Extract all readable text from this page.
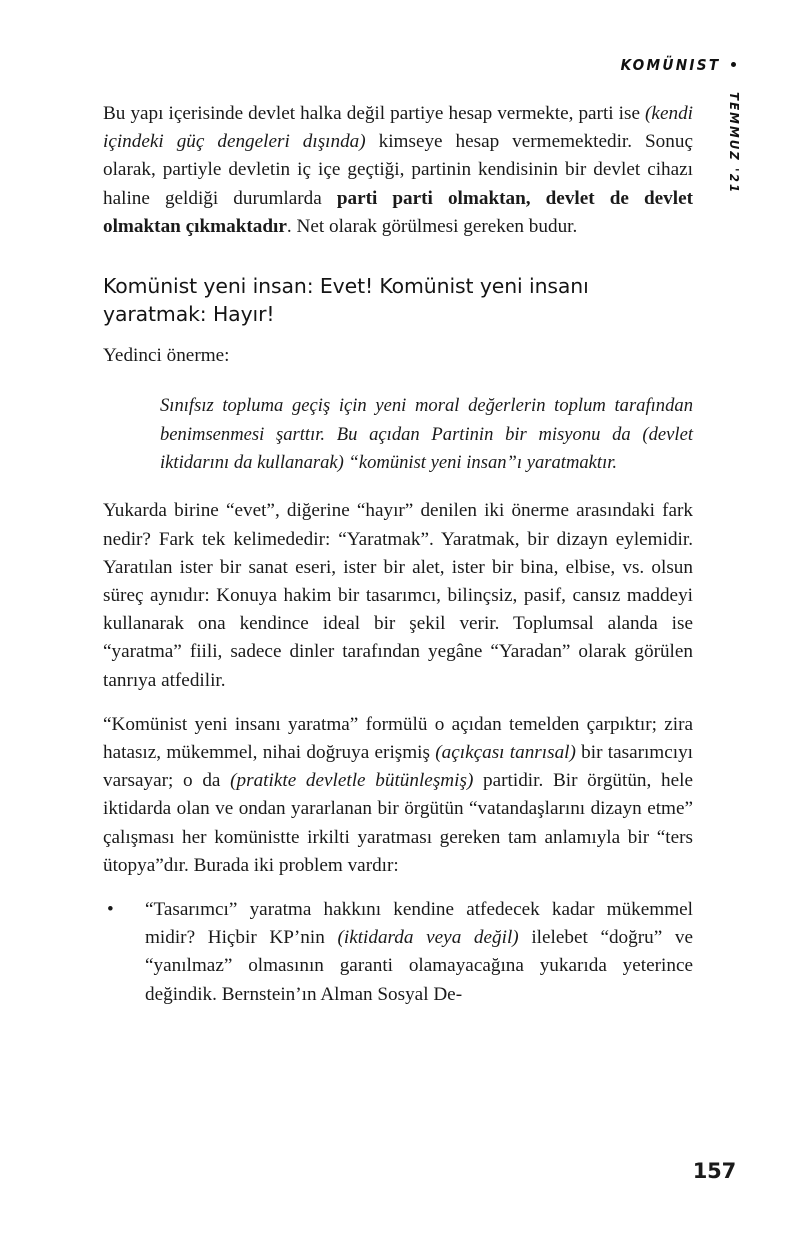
KOMÜNIST
TEMMUZ '21

Bu yapı içerisinde devlet halka değil partiye hesap vermekte, parti ise (kendi içindeki güç dengeleri dışında) kimseye hesap vermemektedir. Sonuç olarak, partiyle devletin iç içe geçtiği, partinin kendisinin bir devlet cihazı haline geldiği durumlarda parti parti olmaktan, devlet de devlet olmaktan çıkmaktadır. Net olarak görülmesi gereken budur.

Komünist yeni insan: Evet! Komünist yeni insanı yaratmak: Hayır!

Yedinci önerme:

Sınıfsız topluma geçiş için yeni moral değerlerin toplum tarafından benimsenmesi şarttır. Bu açıdan Partinin bir misyonu da (devlet iktidarını da kullanarak) “komünist yeni insan”ı yaratmaktır.

Yukarda birine “evet”, diğerine “hayır” denilen iki önerme arasındaki fark nedir? Fark tek kelimededir: “Yaratmak”. Yaratmak, bir dizayn eylemidir. Yaratılan ister bir sanat eseri, ister bir alet, ister bir bina, elbise, vs. olsun süreç aynıdır: Konuya hakim bir tasarımcı, bilinçsiz, pasif, cansız maddeyi kullanarak ona kendince ideal bir şekil verir. Toplumsal alanda ise “yaratma” fiili, sadece dinler tarafından yegâne “Yaradan” olarak görülen tanrıya atfedilir.

“Komünist yeni insanı yaratma” formülü o açıdan temelden çarpıktır; zira hatasız, mükemmel, nihai doğruya erişmiş (açıkçası tanrısal) bir tasarımcıyı varsayar; o da (pratikte devletle bütünleşmiş) partidir. Bir örgütün, hele iktidarda olan ve ondan yararlanan bir örgütün “vatandaşlarını dizayn etme” çalışması her komünistte irkilti yaratması gereken tam anlamıyla bir “ters ütopya”dır. Burada iki problem vardır:

• “Tasarımcı” yaratma hakkını kendine atfedecek kadar mükemmel midir? Hiçbir KP’nin (iktidarda veya değil) ilelebet “doğru” ve “yanılmaz” olmasının garanti olamayacağına yukarıda yeterince değindik. Bernstein’ın Alman Sosyal De-
157
